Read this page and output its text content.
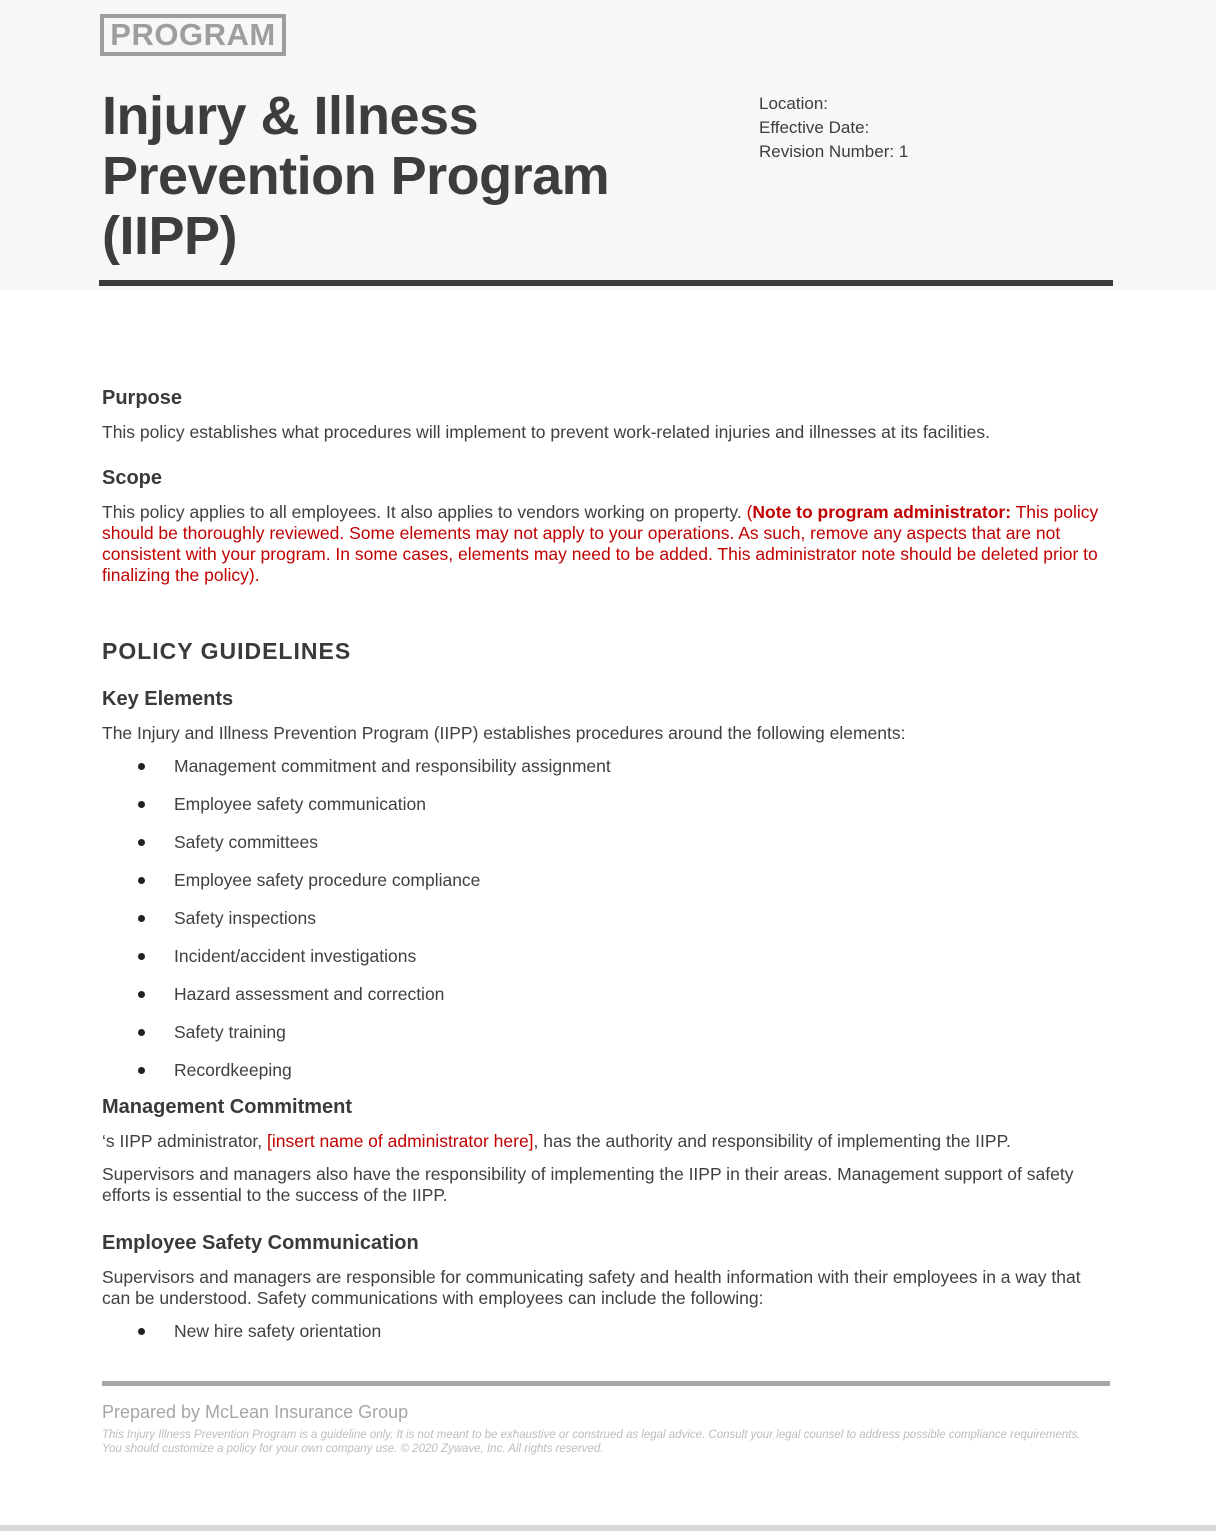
PROGRAM
Injury & Illness Prevention Program (IIPP)
Location:
Effective Date:
Revision Number: 1
Purpose

This policy establishes what procedures will implement to prevent work-related injuries and illnesses at its facilities.

Scope

This policy applies to all employees. It also applies to vendors working on property. (Note to program administrator: This policy should be thoroughly reviewed. Some elements may not apply to your operations. As such, remove any aspects that are not consistent with your program. In some cases, elements may need to be added. This administrator note should be deleted prior to finalizing the policy).

POLICY GUIDELINES
Key Elements

The Injury and Illness Prevention Program (IIPP) establishes procedures around the following elements:

Management commitment and responsibility assignment
Employee safety communication
Safety committees
Employee safety procedure compliance
Safety inspections
Incident/accident investigations
Hazard assessment and correction
Safety training
Recordkeeping
Management Commitment

‘s IIPP administrator, [insert name of administrator here], has the authority and responsibility of implementing the IIPP.

Supervisors and managers also have the responsibility of implementing the IIPP in their areas. Management support of safety efforts is essential to the success of the IIPP.

Employee Safety Communication

Supervisors and managers are responsible for communicating safety and health information with their employees in a way that can be understood. Safety communications with employees can include the following:

New hire safety orientation
Prepared by McLean Insurance Group
This Injury Illness Prevention Program is a guideline only. It is not meant to be exhaustive or construed as legal advice. Consult your legal counsel to address possible compliance requirements. You should customize a policy for your own company use. © 2020 Zywave, Inc. All rights reserved.
